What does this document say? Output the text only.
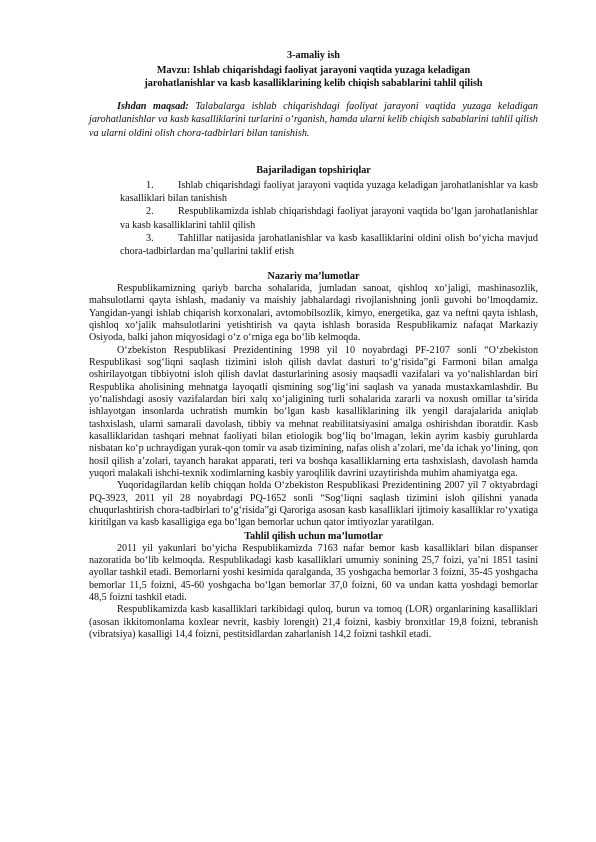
3-amaliy ish

Mavzu: Ishlab chiqarishdagi faoliyat jarayoni vaqtida yuzaga keladigan

jarohatlanishlar va kasb kasalliklarining kelib chiqish sabablarini tahlil qilish

Ishdan maqsad: Talabalarga ishlab chiqarishdagi faoliyat jarayoni vaqtida yuzaga keladigan jarohatlanishlar va kasb kasalliklarini turlarini o‘rganish, hamda ularni kelib chiqish sabablarini tahlil qilish va ularni oldini olish chora-tadbirlari bilan tanishish.

Bajariladigan topshiriqlar

1. Ishlab chiqarishdagi faoliyat jarayoni vaqtida yuzaga keladigan jarohatlanishlar va kasb kasalliklari bilan tanishish

2. Respublikamizda ishlab chiqarishdagi faoliyat jarayoni vaqtida bo‘lgan jarohatlanishlar va kasb kasalliklarini tahlil qilish

3. Tahlillar natijasida jarohatlanishlar va kasb kasalliklarini oldini olish bo‘yicha mavjud chora-tadbirlardan ma’qullarini taklif etish

Nazariy ma’lumotlar

Respublikamizning qariyb barcha sohalarida, jumladan sanoat, qishloq xo‘jaligi, mashinasozlik, mahsulotlarni qayta ishlash, madaniy va maishiy jabhalardagi rivojlanishning jonli guvohi bo‘lmoqdamiz. Yangidan-yangi ishlab chiqarish korxonalari, avtomobilsozlik, kimyo, energetika, gaz va neftni qayta ishlash, qishloq xo‘jalik mahsulotlarini yetishtirish va qayta ishlash borasida Respublikamiz nafaqat Markaziy Osiyoda, balki jahon miqyosidagi o‘z o‘rniga ega bo‘lib kelmoqda.

O‘zbekiston Respublikasi Prezidentining 1998 yil 10 noyabrdagi PF-2107 sonli “O‘zbekiston Respublikasi sog‘liqni saqlash tizimini isloh qilish davlat dasturi to‘g‘risida”gi Farmoni bilan amalga oshirilayotgan tibbiyotni isloh qilish davlat dasturlarining asosiy maqsadli vazifalari va yo‘nalishlardan biri Respublika aholisining mehnatga layoqatli qismining sog‘lig‘ini saqlash va yanada mustaxkamlashdir. Bu yo‘nalishdagi asosiy vazifalardan biri xalq xo‘jaligining turli sohalarida zararli va noxush omillar ta’sirida ishlayotgan insonlarda uchratish mumkin bo‘lgan kasb kasalliklarining ilk yengil darajalarida aniqlab tashxislash, ularni samarali davolash, tibbiy va mehnat reabilitatsiyasini amalga oshirishdan iboratdir. Kasb kasalliklaridan tashqari mehnat faoliyati bilan etiologik bog‘liq bo‘lmagan, lekin ayrim kasbiy guruhlarda nisbatan ko‘p uchraydigan yurak-qon tomir va asab tizimining, nafas olish a’zolari, me’da ichak yo‘lining, qon hosil qilish a’zolari, tayanch harakat apparati, teri va boshqa kasalliklarning erta tashxislash, davolash hamda yuqori malakali ishchi-texnik xodimlarning kasbiy yaroqlilik davrini uzaytirishda muhim ahamiyatga ega.

Yuqoridagilardan kelib chiqqan holda O‘zbekiston Respublikasi Prezidentining 2007 yil 7 oktyabrdagi PQ-3923, 2011 yil 28 noyabrdagi PQ-1652 sonli “Sog‘liqni saqlash tizimini isloh qilishni yanada chuqurlashtirish chora-tadbirlari to‘g‘risida”gi Qaroriga asosan kasb kasalliklari ijtimoiy kasalliklar ro‘yxatiga kiritilgan va kasb kasalligiga ega bo‘lgan bemorlar uchun qator imtiyozlar yaratilgan.

Tahlil qilish uchun ma’lumotlar

2011 yil yakunlari bo‘yicha Respublikamizda 7163 nafar bemor kasb kasalliklari bilan dispanser nazoratida bo‘lib kelmoqda. Respublikadagi kasb kasalliklari umumiy sonining 25,7 foizi, ya’ni 1851 tasini ayollar tashkil etadi. Bemorlarni yoshi kesimida qaralganda, 35 yoshgacha bemorlar 3 foizni, 35-45 yoshgacha bemorlar 11,5 foizni, 45-60 yoshgacha bo‘lgan bemorlar 37,0 foizni, 60 va undan katta yoshdagi bemorlar 48,5 foizni tashkil etadi.

Respublikamizda kasb kasalliklari tarkibidagi quloq, burun va tomoq (LOR) organlarining kasalliklari (asosan ikkitomonlama koxlear nevrit, kasbiy lorengit) 21,4 foizni, kasbiy bronxitlar 19,8 foizni, tebranish (vibratsiya) kasalligi 14,4 foizni, pestitsidlardan zaharlanish 14,2 foizni tashkil etadi.
